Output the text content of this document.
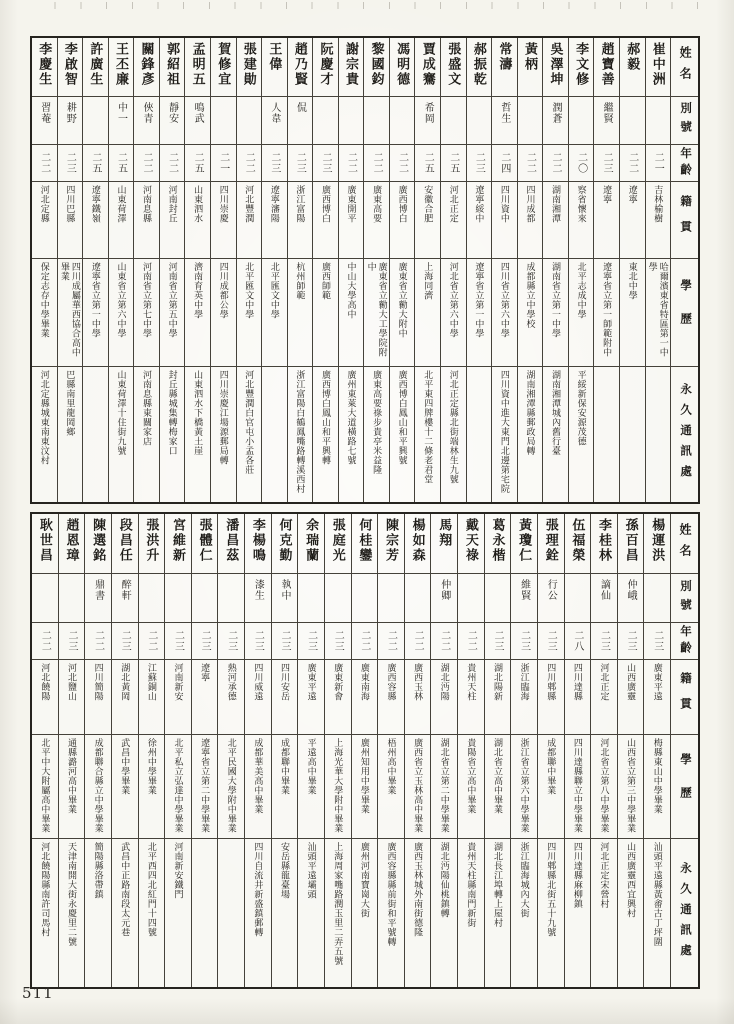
李慶生
習菴
二二
河北定縣
保定志存中學畢業
河北定縣城東南東汶村
李啟智
耕野
二三
四川巴縣
四川成屬華西協合高中畢業
巴縣南里龍岡鄉
許廣生
二五
遼寧鐵嶺
遼寧省立第一中學
王丕廉
中一
二五
山東荷澤
山東省立第六中學
山東荷澤十住街九號
關鋒彥
俠青
二二
河南息縣
河南省立第七中學
河南息縣東關家店
郭紹祖
靜安
二二
河南封丘
河南省立第五中學
封丘縣城集轉梅家口
孟明五
鳴武
二五
山東泗水
濟南育英中學
山東泗水下橋黃土崖
賀修宜
二一
四川崇慶
四川成都公學
四川崇慶江場源郵局轉
張建勛
二二
河北豐潤
北平匯文中學
河北豐潤白官屯小孟各莊
王偉
人韋
二三
遼寧瀋陽
北平匯文中學
趙乃賢
侃
二三
浙江富陽
杭州師範
浙江富陽白鶴鳳嘴路轉溪西村
阮慶才
二三
廣西博白
廣西師範
廣西博白鳳山和平興轉
謝宗貴
二二
廣東開平
中山大學高中
廣州東萊大道橫路七號
黎國鈞
二二
廣東高要
廣東省立勷大工學院附中
廣東高要祿步貴亭米益隆
馮明德
二二
廣西博白
廣東省立勷大附中
廣西博白鳳山和平興號
賈成騫
希岡
二五
安徽合肥
上海同濟
北平東四牌樓十二條老君堂
張盛文
二五
河北正定
河北省立第六中學
河北正定縣北街端林生九號
郝振乾
二三
遼寧綏中
遼寧省立第一中學
常濤
哲生
二四
四川資中
四川省立第六中學
四川資中進大東門北邊第宅院
黃柄
二二
四川成都
成都縣立中學校
湖南湘潭縣郵政局轉
吳澤坤
潤蒼
二二
湖南湘潭
湖南省立第一中學
湖南湘潭城內舊行臺
李文修
二〇
察省懷來
北平志成中學
平綏新保安源茂德
趙寶善
繼賢
二三
遼寧
遼寧省立第一師範附中
郝毅
二二
遼寧
東北中學
崔中洲
二一
吉林榆樹
哈爾濱東省特區第一中學
姓名
別號
年齡
籍貫
學歷
永久通訊處
耿世昌
二二
河北饒陽
北平中大附屬高中畢業
河北饒陽縣南許司馬村
趙恩璋
二三
河北鹽山
通縣潞河高中畢業
天津南開大街永慶里二號
陳選銘
鼎書
二二
四川簡陽
成都聯合縣立中學畢業
簡陽縣洛帶鎮
段昌任
醉軒
二三
湖北黃岡
武昌中學畢業
武昌中正路南段太元巷
張洪升
二二
江蘇銅山
徐州中學畢業
北平西四北紅門十四號
宮維新
二三
河南新安
北平私立弘達中學畢業
河南新安鐵門
張體仁
二三
遼寧
遼寧省立第二中學畢業
潘昌茲
二三
熱河承德
北平民國大學附中畢業
李楊鳴
漆生
二三
四川威遠
成都華美高中畢業
四川自流井新盛鎮郵轉
何克勤
執中
二三
四川安岳
成都聯中畢業
安岳縣龍臺場
余瑞蘭
二三
廣東平遠
平遠高中畢業
汕頭平遠壩頭
張庭光
二三
廣東新會
上海光華大學附中畢業
上海周家嘴路潤玉里二弄五號
何桂鑾
二二
廣東南海
廣州知用中學畢業
廣州河南寶崗大街
陳宗芳
二二
廣西容縣
梧州高中畢業
廣西容縣縣前街和平號轉
楊如森
二二
廣西玉林
廣西省立玉林高中畢業
廣西玉林城外南街德隆
馬翔
仲卿
二二
湖北沔陽
湖北省立第二中學畢業
湖北沔陽仙桃鎮轉
戴天祿
二二
貴州天柱
貴陽省立高中畢業
貴州天柱縣南門新街
葛永楷
二三
湖北陽新
湖北省立高中畢業
湖北長江埠轉上屋村
黃瓊仁
維賢
二三
浙江臨海
浙江省立第六中學畢業
浙江臨海城內大街
張理銓
行公
二三
四川郫縣
成都聯中畢業
四川郫縣北街五十九號
伍福榮
二八
四川達縣
四川達縣聯立中學畢業
四川達縣麻柳鎮
李桂林
謫仙
二三
河北正定
河北省立第八中學畢業
河北正定宋營村
孫百昌
仲峨
二三
山西廣靈
山西省立第三中學畢業
山西廣靈西宜興村
楊運洪
二三
廣東平遠
梅縣東山中學畢業
汕頭平遠縣黃畬古丁坪圍
姓名
別號
年齡
籍貫
學歷
永久通訊處
511
